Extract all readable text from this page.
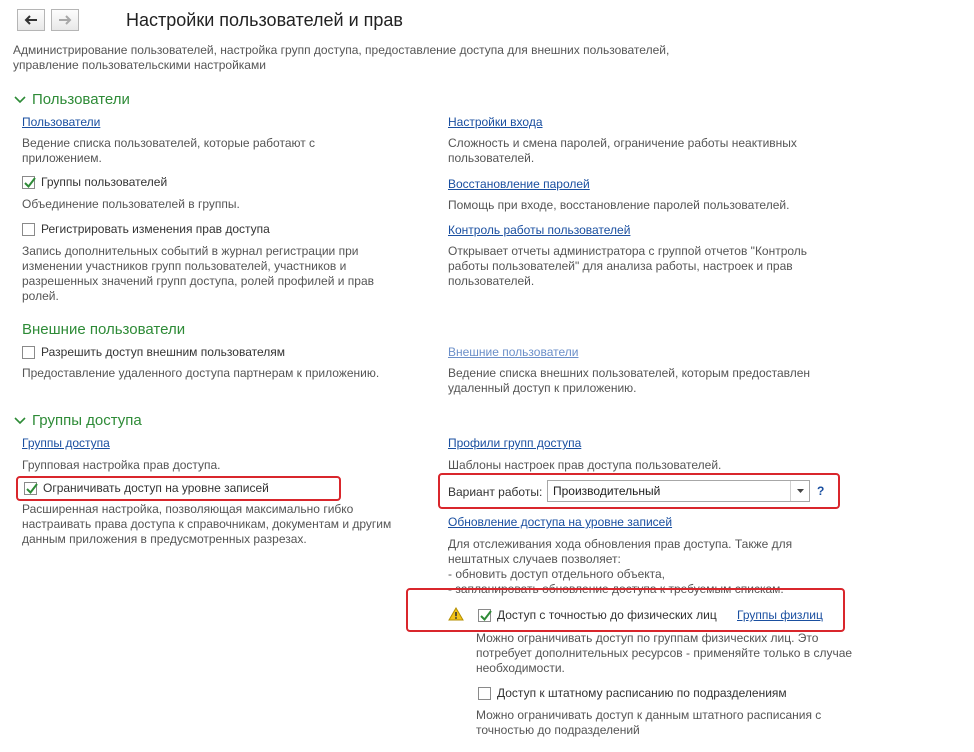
Настройки пользователей и прав
Администрирование пользователей, настройка групп доступа, предоставление доступа для внешних пользователей, управление пользовательскими настройками
Пользователи
Пользователи
Ведение списка пользователей, которые работают с приложением.
Группы пользователей
Объединение пользователей в группы.
Регистрировать изменения прав доступа
Запись дополнительных событий в журнал регистрации при изменении участников групп пользователей, участников и разрешенных значений групп доступа, ролей профилей и прав ролей.
Настройки входа
Сложность и смена паролей, ограничение работы неактивных пользователей.
Восстановление паролей
Помощь при входе, восстановление паролей пользователей.
Контроль работы пользователей
Открывает отчеты администратора с группой отчетов "Контроль работы пользователей" для анализа работы, настроек и прав пользователей.
Внешние пользователи
Разрешить доступ внешним пользователям
Предоставление удаленного доступа партнерам к приложению.
Внешние пользователи
Ведение списка внешних пользователей, которым предоставлен удаленный доступ к приложению.
Группы доступа
Группы доступа
Групповая настройка прав доступа.
Ограничивать доступ на уровне записей
Расширенная настройка, позволяющая максимально гибко настраивать права доступа к справочникам, документам и другим данным приложения в предусмотренных разрезах.
Профили групп доступа
Шаблоны настроек прав доступа пользователей.
Вариант работы: Производительный	?
Обновление доступа на уровне записей
Для отслеживания хода обновления прав доступа. Также для
нештатных случаев позволяет:
- обновить доступ отдельного объекта,
- запланировать обновление доступа к требуемым спискам.
Доступ с точностью до физических лиц Группы физлиц
Можно ограничивать доступ по группам физических лиц. Это потребует дополнительных ресурсов - применяйте только в случае необходимости.
Доступ к штатному расписанию по подразделениям
Можно ограничивать доступ к данным штатного расписания с точностью до подразделений
